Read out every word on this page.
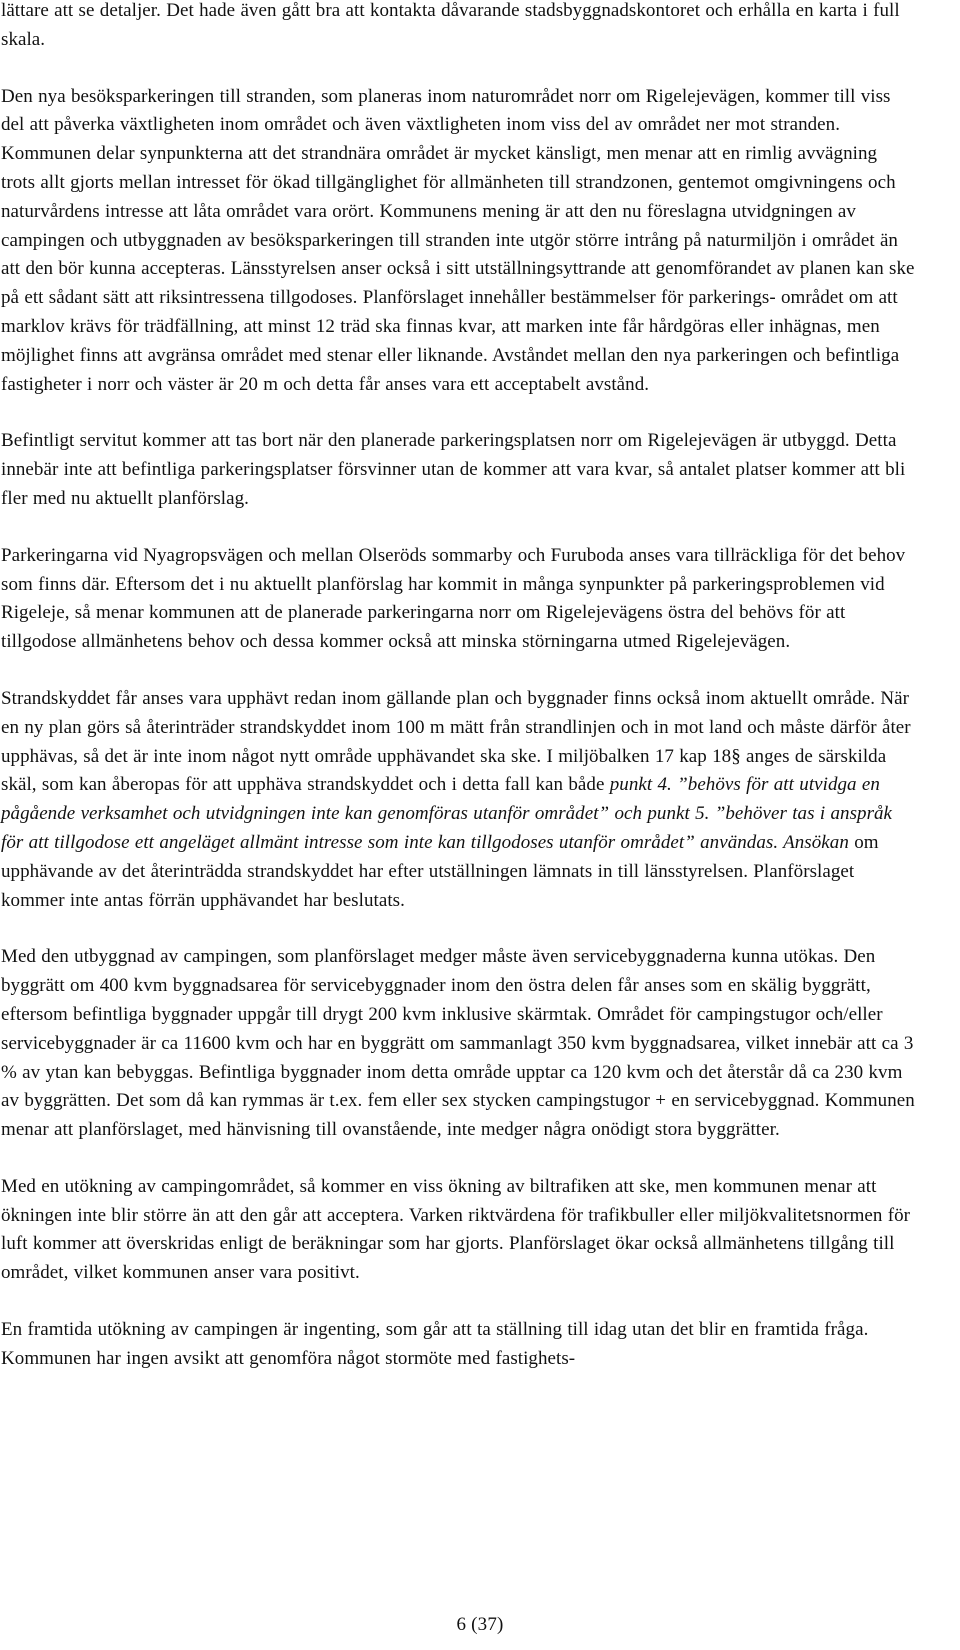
lättare att se detaljer. Det hade även gått bra att kontakta dåvarande stadsbyggnadskontoret och erhålla en karta i full skala.

Den nya besöksparkeringen till stranden, som planeras inom naturområdet norr om Rigelejevägen, kommer till viss del att påverka växtligheten inom området och även växtligheten inom viss del av området ner mot stranden. Kommunen delar synpunkterna att det strandnära området är mycket känsligt, men menar att en rimlig avvägning trots allt gjorts mellan intresset för ökad tillgänglighet för allmänheten till strandzonen, gentemot omgivningens och naturvårdens intresse att låta området vara orört. Kommunens mening är att den nu föreslagna utvidgningen av campingen och utbyggnaden av besöksparkeringen till stranden inte utgör större intrång på naturmiljön i området än att den bör kunna accepteras. Länsstyrelsen anser också i sitt utställningsyttrande att genomförandet av planen kan ske på ett sådant sätt att riksintressena tillgodoses. Planförslaget innehåller bestämmelser för parkerings- området om att marklov krävs för trädfällning, att minst 12 träd ska finnas kvar, att marken inte får hårdgöras eller inhägnas, men möjlighet finns att avgränsa området med stenar eller liknande. Avståndet mellan den nya parkeringen och befintliga fastigheter i norr och väster är 20 m och detta får anses vara ett acceptabelt avstånd.

Befintligt servitut kommer att tas bort när den planerade parkeringsplatsen norr om Rigelejevägen är utbyggd. Detta innebär inte att befintliga parkeringsplatser försvinner utan de kommer att vara kvar, så antalet platser kommer att bli fler med nu aktuellt planförslag.

Parkeringarna vid Nyagropsvägen och mellan Olseröds sommarby och Furuboda anses vara tillräckliga för det behov som finns där. Eftersom det i nu aktuellt planförslag har kommit in många synpunkter på parkeringsproblemen vid Rigeleje, så menar kommunen att de planerade parkeringarna norr om Rigelejevägens östra del behövs för att tillgodose allmänhetens behov och dessa kommer också att minska störningarna utmed Rigelejevägen.

Strandskyddet får anses vara upphävt redan inom gällande plan och byggnader finns också inom aktuellt område. När en ny plan görs så återinträder strandskyddet inom 100 m mätt från strandlinjen och in mot land och måste därför åter upphävas, så det är inte inom något nytt område upphävandet ska ske. I miljöbalken 17 kap 18§ anges de särskilda skäl, som kan åberopas för att upphäva strandskyddet och i detta fall kan både punkt 4. ”behövs för att utvidga en pågående verksamhet och utvidgningen inte kan genomföras utanför området” och punkt 5. ”behöver tas i anspråk för att tillgodose ett angeläget allmänt intresse som inte kan tillgodoses utanför området” användas. Ansökan om upphävande av det återinträdda strandskyddet har efter utställningen lämnats in till länsstyrelsen. Planförslaget kommer inte antas förrän upphävandet har beslutats.

Med den utbyggnad av campingen, som planförslaget medger måste även servicebyggnaderna kunna utökas. Den byggrätt om 400 kvm byggnadsarea för servicebyggnader inom den östra delen får anses som en skälig byggrätt, eftersom befintliga byggnader uppgår till drygt 200 kvm inklusive skärmtak. Området för campingstugor och/eller servicebyggnader är ca 11600 kvm och har en byggrätt om sammanlagt 350 kvm byggnadsarea, vilket innebär att ca 3 % av ytan kan bebyggas. Befintliga byggnader inom detta område upptar ca 120 kvm och det återstår då ca 230 kvm av byggrätten. Det som då kan rymmas är t.ex. fem eller sex stycken campingstugor + en servicebyggnad. Kommunen menar att planförslaget, med hänvisning till ovanstående, inte medger några onödigt stora byggrätter.

Med en utökning av campingområdet, så kommer en viss ökning av biltrafiken att ske, men kommunen menar att ökningen inte blir större än att den går att acceptera. Varken riktvärdena för trafikbuller eller miljökvalitetsnormen för luft kommer att överskridas enligt de beräkningar som har gjorts. Planförslaget ökar också allmänhetens tillgång till området, vilket kommunen anser vara positivt.

En framtida utökning av campingen är ingenting, som går att ta ställning till idag utan det blir en framtida fråga. Kommunen har ingen avsikt att genomföra något stormöte med fastighets-

6 (37)
